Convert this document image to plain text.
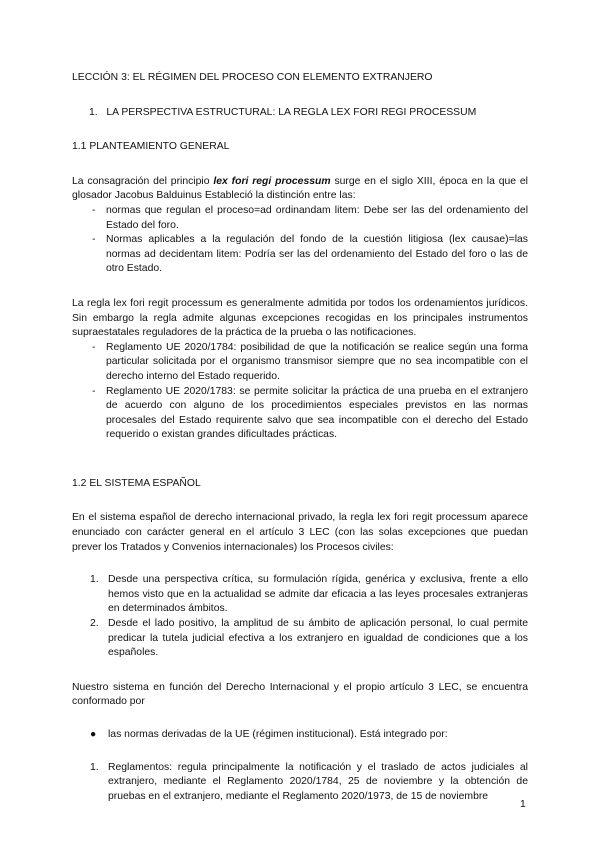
LECCIÓN 3: EL RÉGIMEN DEL PROCESO CON ELEMENTO EXTRANJERO

1. LA PERSPECTIVA ESTRUCTURAL: LA REGLA LEX FORI REGI PROCESSUM

1.1 PLANTEAMIENTO GENERAL

La consagración del principio lex fori regi processum surge en el siglo XIII, época en la que el glosador Jacobus Balduinus Estableció la distinción entre las:

- normas que regulan el proceso=ad ordinandam litem: Debe ser las del ordenamiento del Estado del foro.
- Normas aplicables a la regulación del fondo de la cuestión litigiosa (lex causae)=las normas ad decidentam litem: Podría ser las del ordenamiento del Estado del foro o las de otro Estado.

La regla lex fori regit processum es generalmente admitida por todos los ordenamientos jurídicos. Sin embargo la regla admite algunas excepciones recogidas en los principales instrumentos supraestatales reguladores de la práctica de la prueba o las notificaciones.

- Reglamento UE 2020/1784: posibilidad de que la notificación se realice según una forma particular solicitada por el organismo transmisor siempre que no sea incompatible con el derecho interno del Estado requerido.
- Reglamento UE 2020/1783: se permite solicitar la práctica de una prueba en el extranjero de acuerdo con alguno de los procedimientos especiales previstos en las normas procesales del Estado requirente salvo que sea incompatible con el derecho del Estado requerido o existan grandes dificultades prácticas.

1.2 EL SISTEMA ESPAÑOL

En el sistema español de derecho internacional privado, la regla lex fori regit processum aparece enunciado con carácter general en el artículo 3 LEC (con las solas excepciones que puedan prever los Tratados y Convenios internacionales) los Procesos civiles:

1. Desde una perspectiva crítica, su formulación rígida, genérica y exclusiva, frente a ello hemos visto que en la actualidad se admite dar eficacia a las leyes procesales extranjeras en determinados ámbitos.
2. Desde el lado positivo, la amplitud de su ámbito de aplicación personal, lo cual permite predicar la tutela judicial efectiva a los extranjero en igualdad de condiciones que a los españoles.

Nuestro sistema en función del Derecho Internacional y el propio artículo 3 LEC, se encuentra conformado por

● las normas derivadas de la UE (régimen institucional). Está integrado por:
1. Reglamentos: regula principalmente la notificación y el traslado de actos judiciales al extranjero, mediante el Reglamento 2020/1784, 25 de noviembre y la obtención de pruebas en el extranjero, mediante el Reglamento 2020/1973, de 15 de noviembre
1
